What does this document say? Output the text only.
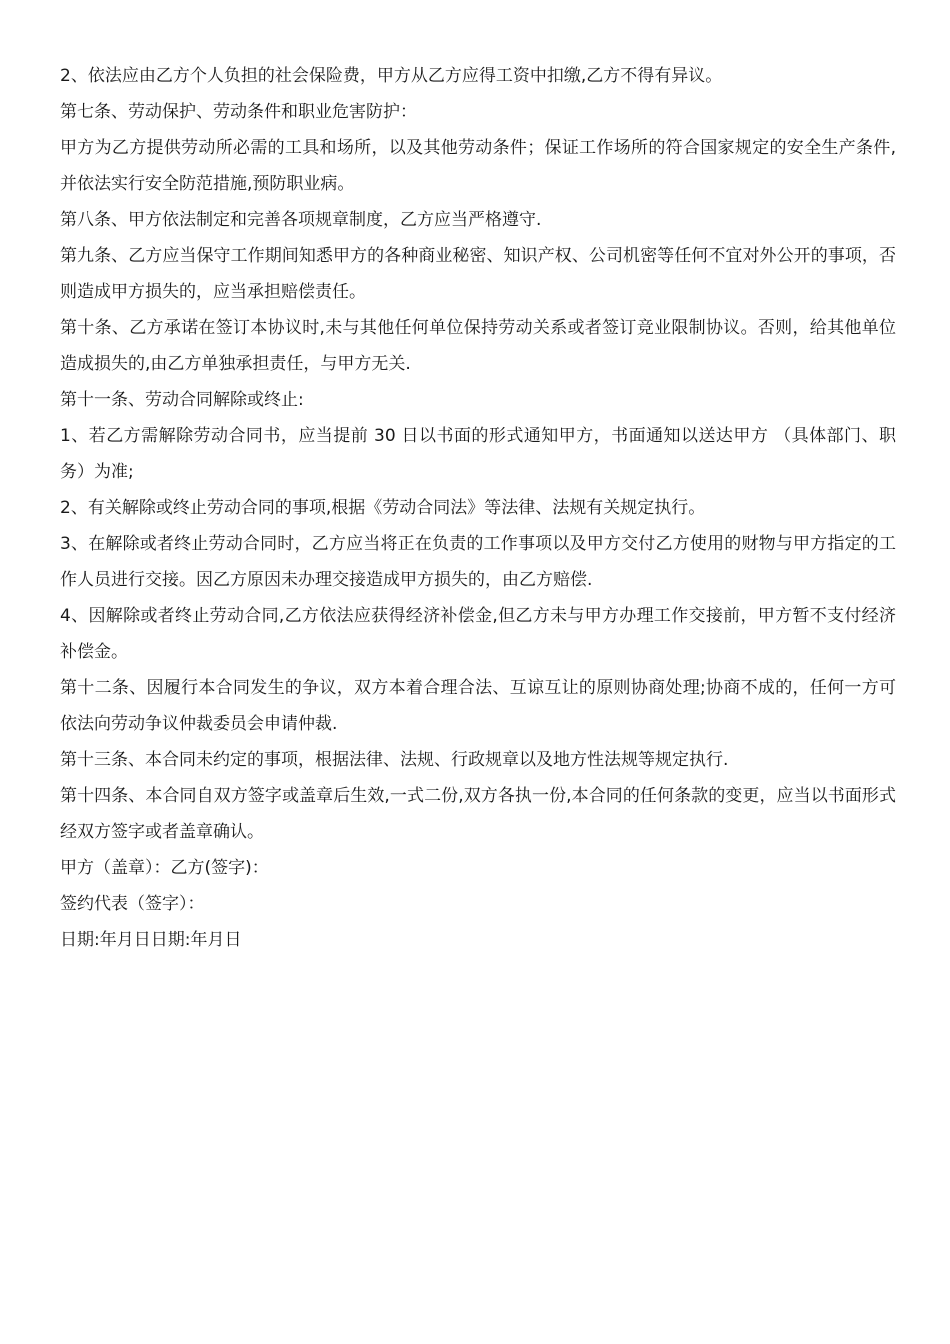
2、依法应由乙方个人负担的社会保险费，甲方从乙方应得工资中扣缴,乙方不得有异议。

第七条、劳动保护、劳动条件和职业危害防护：

甲方为乙方提供劳动所必需的工具和场所，以及其他劳动条件；保证工作场所的符合国家规定的安全生产条件,并依法实行安全防范措施,预防职业病。

第八条、甲方依法制定和完善各项规章制度，乙方应当严格遵守.

第九条、乙方应当保守工作期间知悉甲方的各种商业秘密、知识产权、公司机密等任何不宜对外公开的事项，否则造成甲方损失的，应当承担赔偿责任。

第十条、乙方承诺在签订本协议时,未与其他任何单位保持劳动关系或者签订竞业限制协议。否则，给其他单位造成损失的,由乙方单独承担责任，与甲方无关.

第十一条、劳动合同解除或终止:

1、若乙方需解除劳动合同书，应当提前 30 日以书面的形式通知甲方，书面通知以送达甲方 （具体部门、职务）为准;

2、有关解除或终止劳动合同的事项,根据《劳动合同法》等法律、法规有关规定执行。

3、在解除或者终止劳动合同时，乙方应当将正在负责的工作事项以及甲方交付乙方使用的财物与甲方指定的工作人员进行交接。因乙方原因未办理交接造成甲方损失的，由乙方赔偿.

4、因解除或者终止劳动合同,乙方依法应获得经济补偿金,但乙方未与甲方办理工作交接前，甲方暂不支付经济补偿金。

第十二条、因履行本合同发生的争议，双方本着合理合法、互谅互让的原则协商处理;协商不成的，任何一方可依法向劳动争议仲裁委员会申请仲裁.

第十三条、本合同未约定的事项，根据法律、法规、行政规章以及地方性法规等规定执行.

第十四条、本合同自双方签字或盖章后生效,一式二份,双方各执一份,本合同的任何条款的变更，应当以书面形式经双方签字或者盖章确认。

甲方（盖章）：乙方(签字)：

签约代表（签字）：

日期:年月日日期:年月日
